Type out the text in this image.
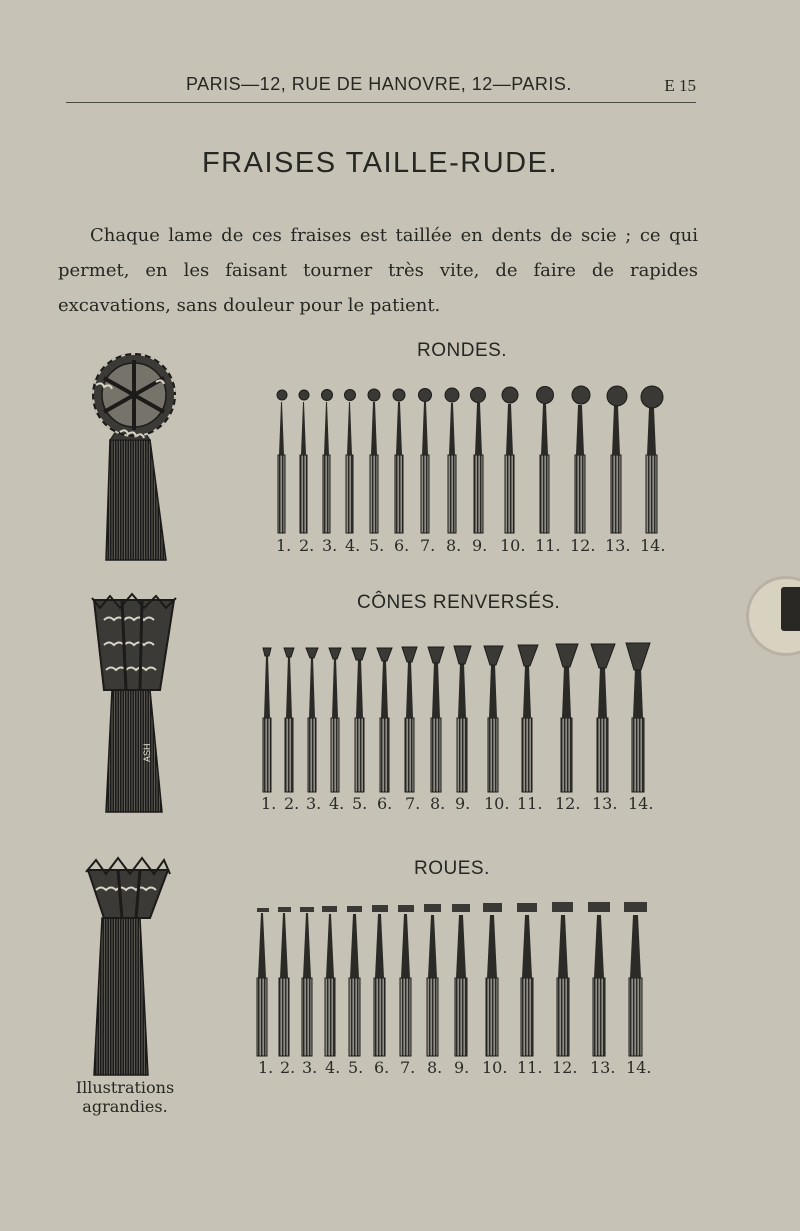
PARIS—12, RUE DE HANOVRE, 12—PARIS.	E 15
FRAISES TAILLE-RUDE.
Chaque lame de ces fraises est taillée en dents de scie ; ce qui permet, en les faisant tourner très vite, de faire de rapides excavations, sans douleur pour le patient.
RONDES.
CÔNES RENVERSÉS.
ROUES.
1. 2. 3. 4. 5. 6. 7. 8. 9. 10. 11. 12. 13. 14.
1. 2. 3. 4. 5. 6. 7. 8. 9. 10. 11. 12. 13. 14.
1. 2. 3. 4. 5. 6. 7. 8. 9. 10. 11. 12. 13. 14.
ASH
Illustrations
agrandies.
